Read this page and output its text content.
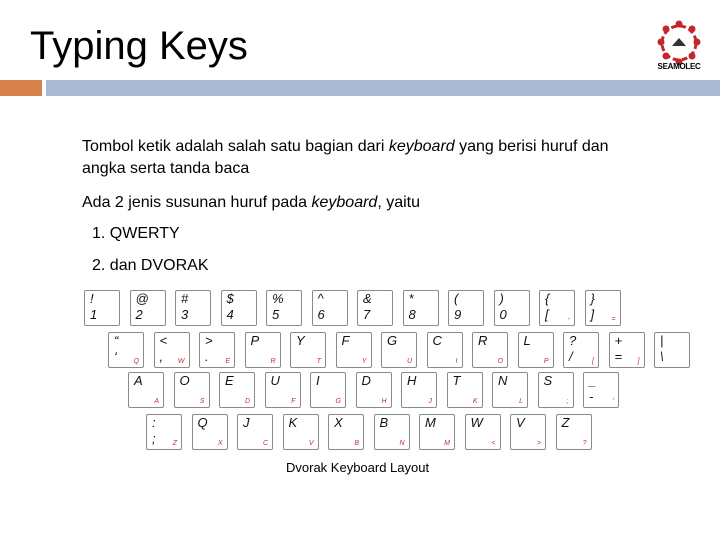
Typing Keys	SEAMOLEC
Tombol ketik adalah salah satu bagian dari keyboard yang berisi huruf dan angka serta tanda baca
Ada 2 jenis susunan huruf pada keyboard, yaitu
1. QWERTY
2. dan DVORAK
!
1
@
2
#
3
$
4
%
5
^
6
&
7
*
8
(
9
)
0
{
[	-
}
] =
“
‘ Q
<
, W
>
. E
P
R
Y
T
F
Y
G
U
C
I
R
O
L
P
?
/	[
+
= ]
|
\
A
A
O
S
E
D
U
F
I
G
D
H
H
J
T
K
N
L
S
;
_
-	'
:
; Z
Q
X
J
C
K
V
X
B
B
N
M
M
W
<
V
>
Z
?
Dvorak Keyboard Layout
